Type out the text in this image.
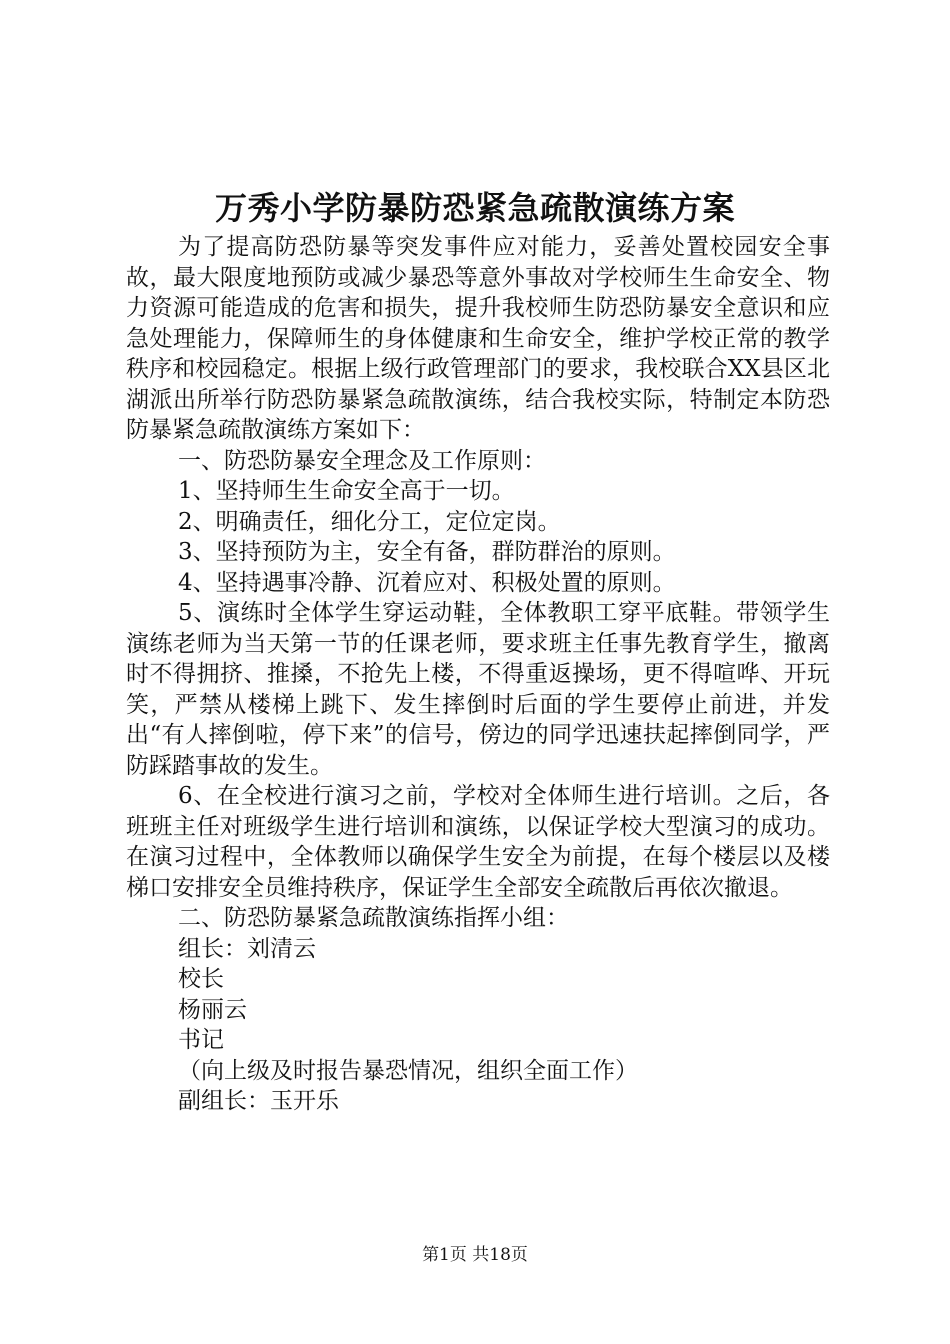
万秀小学防暴防恐紧急疏散演练方案

为了提高防恐防暴等突发事件应对能力，妥善处置校园安全事故，最大限度地预防或减少暴恐等意外事故对学校师生生命安全、物力资源可能造成的危害和损失，提升我校师生防恐防暴安全意识和应急处理能力，保障师生的身体健康和生命安全，维护学校正常的教学秩序和校园稳定。根据上级行政管理部门的要求，我校联合XX县区北湖派出所举行防恐防暴紧急疏散演练，结合我校实际，特制定本防恐防暴紧急疏散演练方案如下：

一、防恐防暴安全理念及工作原则：

1、坚持师生生命安全高于一切。

2、明确责任，细化分工，定位定岗。

3、坚持预防为主，安全有备，群防群治的原则。

4、坚持遇事冷静、沉着应对、积极处置的原则。

5、演练时全体学生穿运动鞋，全体教职工穿平底鞋。带领学生演练老师为当天第一节的任课老师，要求班主任事先教育学生，撤离时不得拥挤、推搡，不抢先上楼，不得重返操场，更不得喧哗、开玩笑，严禁从楼梯上跳下、发生摔倒时后面的学生要停止前进，并发出“有人摔倒啦，停下来”的信号，傍边的同学迅速扶起摔倒同学，严防踩踏事故的发生。

6、在全校进行演习之前，学校对全体师生进行培训。之后，各班班主任对班级学生进行培训和演练，以保证学校大型演习的成功。在演习过程中，全体教师以确保学生安全为前提，在每个楼层以及楼梯口安排安全员维持秩序，保证学生全部安全疏散后再依次撤退。

二、防恐防暴紧急疏散演练指挥小组：

组长：刘清云

校长

杨丽云

书记

（向上级及时报告暴恐情况，组织全面工作）

副组长：玉开乐

第1页 共18页
